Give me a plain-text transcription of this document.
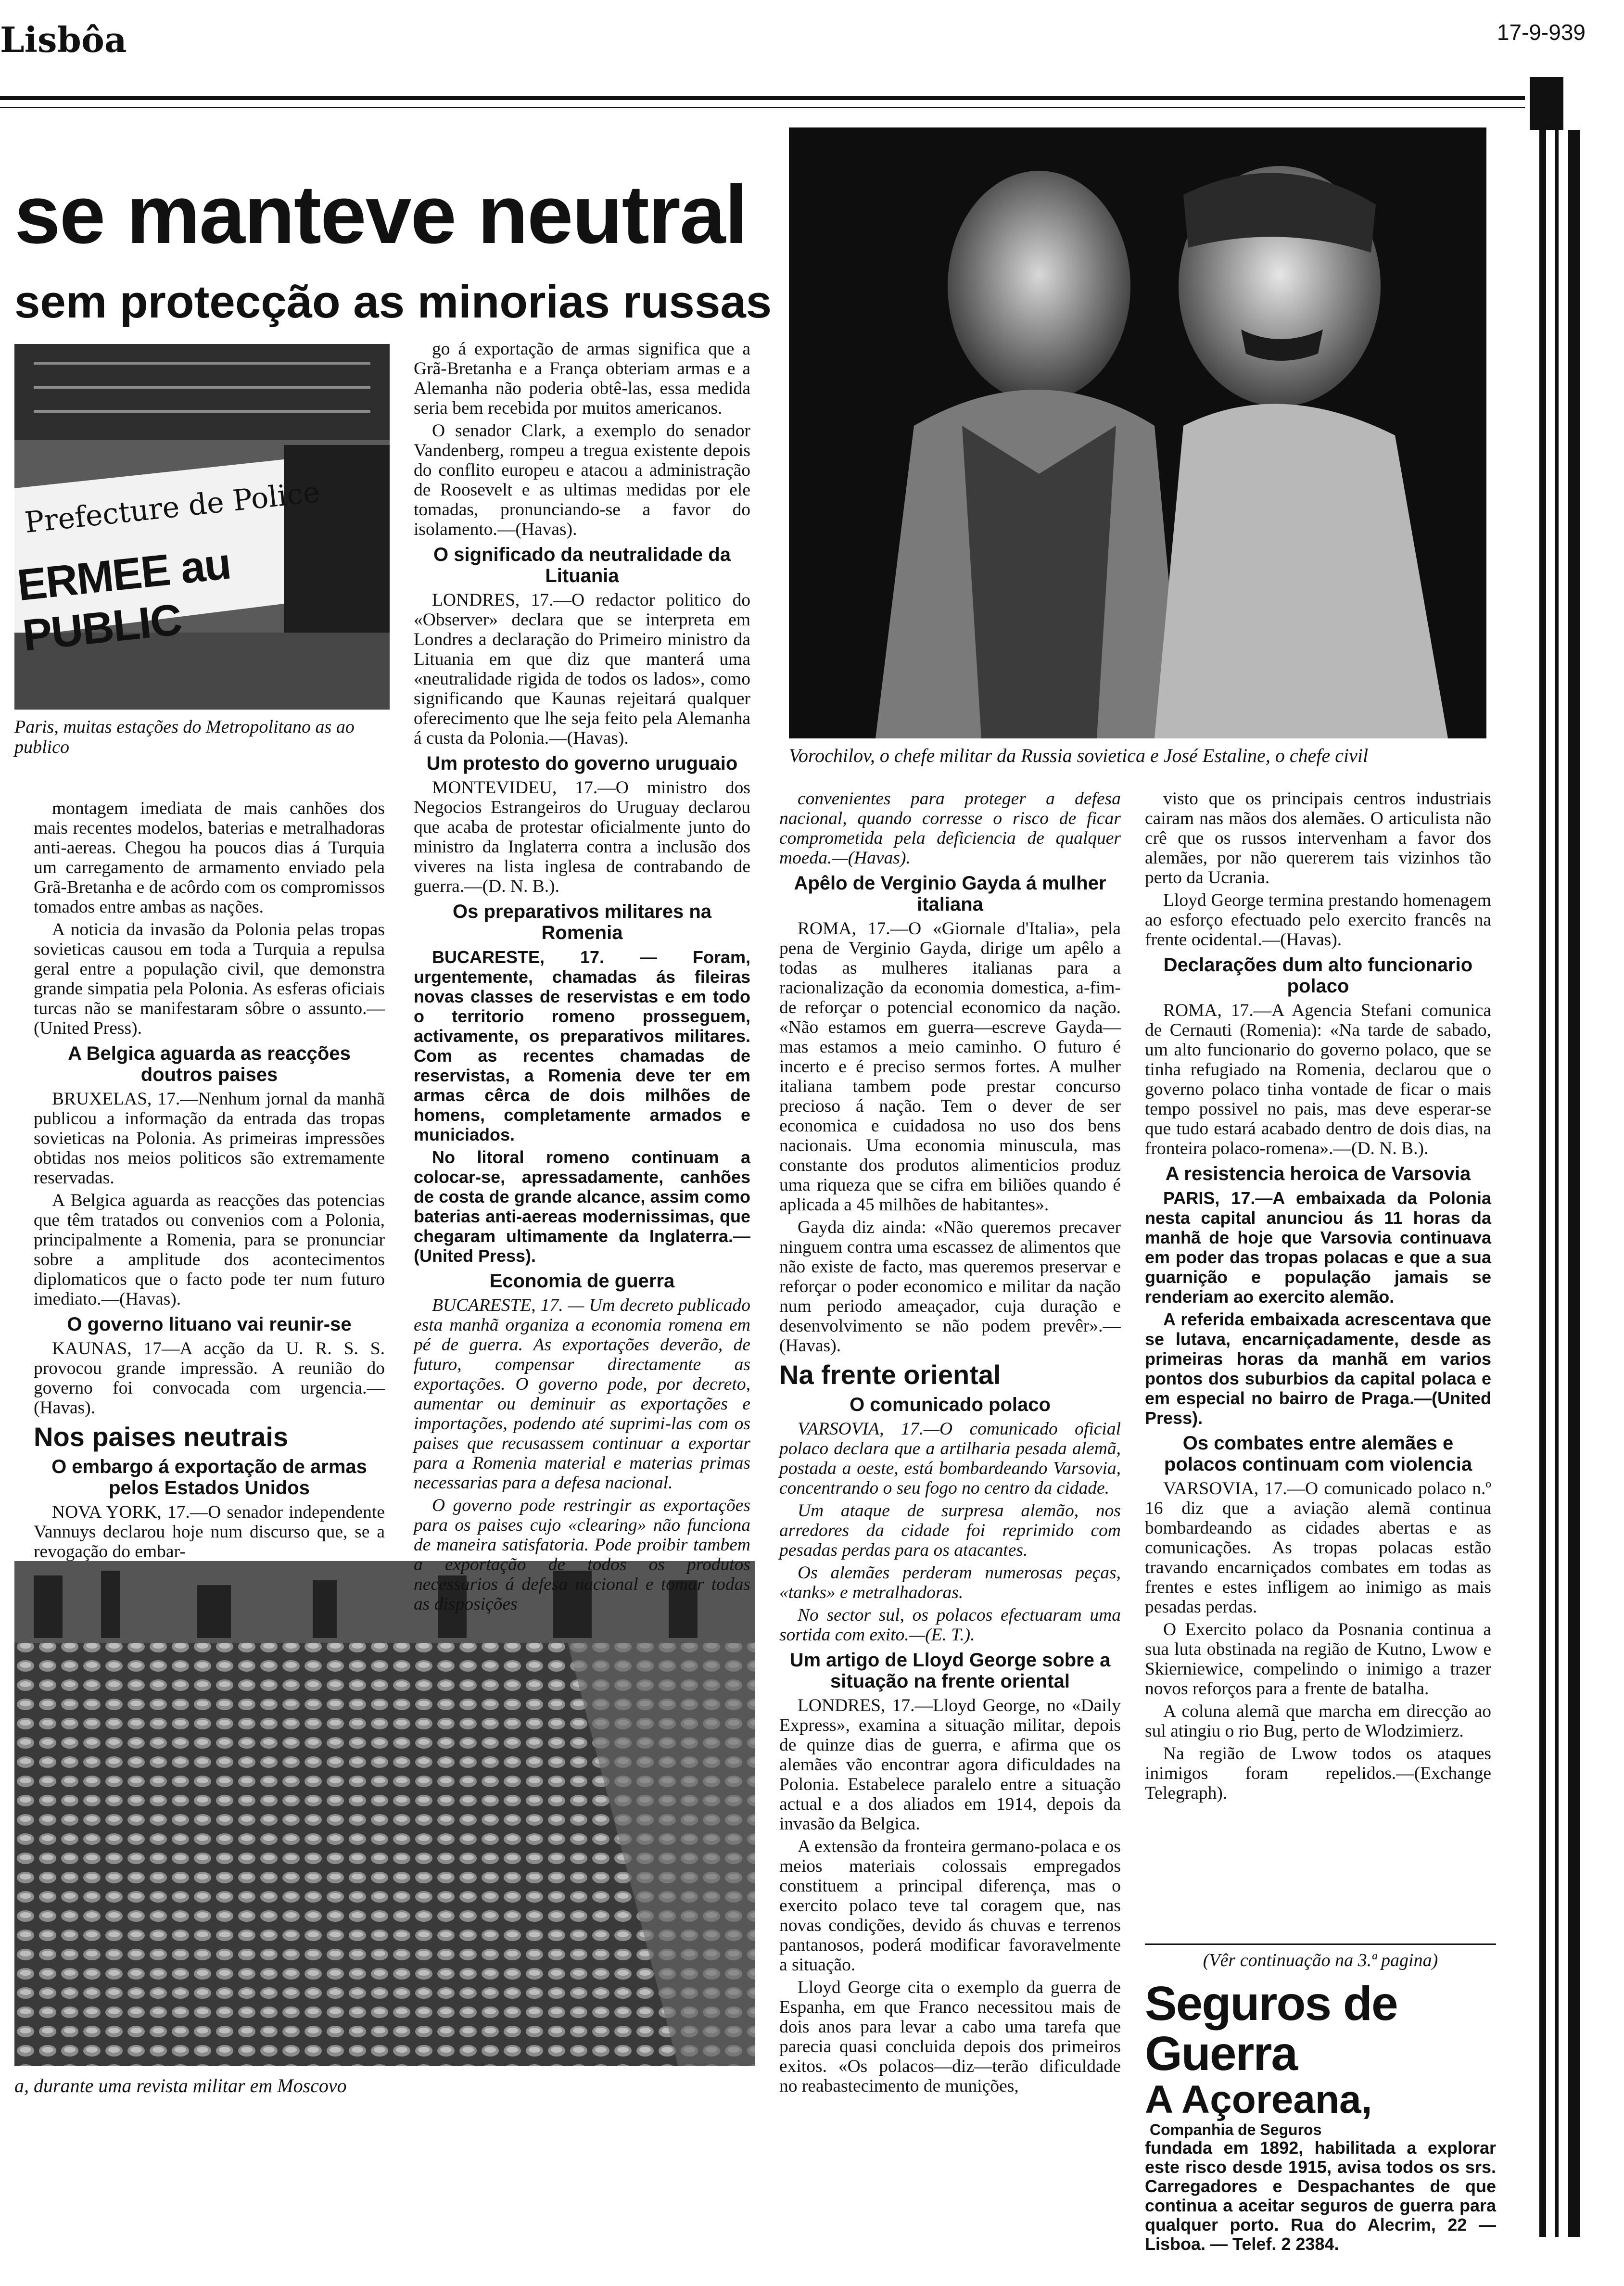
Lisbôa	17-9-939
se manteve neutral
sem protecção as minorias russas
Prefecture de Police
ERMEE au PUBLIC
Paris, muitas estações do Metropolitano as ao publico	Vorochilov, o chefe militar da Russia sovietica e José Estaline, o chefe civil
a, durante uma revista militar em Moscovo

montagem imediata de mais canhões dos mais recentes modelos, baterias e metralhadoras anti-aereas. Chegou ha poucos dias á Turquia um carregamento de armamento enviado pela Grã-Bretanha e de acôrdo com os compromissos tomados entre ambas as nações.

A noticia da invasão da Polonia pelas tropas sovieticas causou em toda a Turquia a repulsa geral entre a população civil, que demonstra grande simpatia pela Polonia. As esferas oficiais turcas não se manifestaram sôbre o assunto.—(United Press).

A Belgica aguarda as reacções doutros paises

BRUXELAS, 17.—Nenhum jornal da manhã publicou a informação da entrada das tropas sovieticas na Polonia. As primeiras impressões obtidas nos meios politicos são extremamente reservadas.

A Belgica aguarda as reacções das potencias que têm tratados ou convenios com a Polonia, principalmente a Romenia, para se pronunciar sobre a amplitude dos acontecimentos diplomaticos que o facto pode ter num futuro imediato.—(Havas).

O governo lituano vai reunir-se

KAUNAS, 17—A acção da U. R. S. S. provocou grande impressão. A reunião do governo foi convocada com urgencia.—(Havas).

Nos paises neutrais
O embargo á exportação de armas pelos Estados Unidos

NOVA YORK, 17.—O senador independente Vannuys declarou hoje num discurso que, se a revogação do embar-

go á exportação de armas significa que a Grã-Bretanha e a França obteriam armas e a Alemanha não poderia obtê-las, essa medida seria bem recebida por muitos americanos.

O senador Clark, a exemplo do senador Vandenberg, rompeu a tregua existente depois do conflito europeu e atacou a administração de Roosevelt e as ultimas medidas por ele tomadas, pronunciando-se a favor do isolamento.—(Havas).

O significado da neutralidade da Lituania

LONDRES, 17.—O redactor politico do «Observer» declara que se interpreta em Londres a declaração do Primeiro ministro da Lituania em que diz que manterá uma «neutralidade rigida de todos os lados», como significando que Kaunas rejeitará qualquer oferecimento que lhe seja feito pela Alemanha á custa da Polonia.—(Havas).

Um protesto do governo uruguaio

MONTEVIDEU, 17.—O ministro dos Negocios Estrangeiros do Uruguay declarou que acaba de protestar oficialmente junto do ministro da Inglaterra contra a inclusão dos viveres na lista inglesa de contrabando de guerra.—(D. N. B.).

Os preparativos militares na Romenia

BUCARESTE, 17. — Foram, urgentemente, chamadas ás fileiras novas classes de reservistas e em todo o territorio romeno prosseguem, activamente, os preparativos militares. Com as recentes chamadas de reservistas, a Romenia deve ter em armas cêrca de dois milhões de homens, completamente armados e municiados.

No litoral romeno continuam a colocar-se, apressadamente, canhões de costa de grande alcance, assim como baterias anti-aereas modernissimas, que chegaram ultimamente da Inglaterra.—(United Press).

Economia de guerra

BUCARESTE, 17. — Um decreto publicado esta manhã organiza a economia romena em pé de guerra. As exportações deverão, de futuro, compensar directamente as exportações. O governo pode, por decreto, aumentar ou deminuir as exportações e importações, podendo até suprimi-las com os paises que recusassem continuar a exportar para a Romenia material e materias primas necessarias para a defesa nacional.

O governo pode restringir as exportações para os paises cujo «clearing» não funciona de maneira satisfatoria. Pode proibir tambem a exportação de todos os produtos necessarios á defesa nacional e tomar todas as disposições

convenientes para proteger a defesa nacional, quando corresse o risco de ficar comprometida pela deficiencia de qualquer moeda.—(Havas).

Apêlo de Verginio Gayda á mulher italiana

ROMA, 17.—O «Giornale d'Italia», pela pena de Verginio Gayda, dirige um apêlo a todas as mulheres italianas para a racionalização da economia domestica, a-fim-de reforçar o potencial economico da nação. «Não estamos em guerra—escreve Gayda—mas estamos a meio caminho. O futuro é incerto e é preciso sermos fortes. A mulher italiana tambem pode prestar concurso precioso á nação. Tem o dever de ser economica e cuidadosa no uso dos bens nacionais. Uma economia minuscula, mas constante dos produtos alimenticios produz uma riqueza que se cifra em biliões quando é aplicada a 45 milhões de habitantes».

Gayda diz ainda: «Não queremos precaver ninguem contra uma escassez de alimentos que não existe de facto, mas queremos preservar e reforçar o poder economico e militar da nação num periodo ameaçador, cuja duração e desenvolvimento se não podem prevêr».—(Havas).

Na frente oriental
O comunicado polaco

VARSOVIA, 17.—O comunicado oficial polaco declara que a artilharia pesada alemã, postada a oeste, está bombardeando Varsovia, concentrando o seu fogo no centro da cidade.

Um ataque de surpresa alemão, nos arredores da cidade foi reprimido com pesadas perdas para os atacantes.

Os alemães perderam numerosas peças, «tanks» e metralhadoras.

No sector sul, os polacos efectuaram uma sortida com exito.—(E. T.).

Um artigo de Lloyd George sobre a situação na frente oriental

LONDRES, 17.—Lloyd George, no «Daily Express», examina a situação militar, depois de quinze dias de guerra, e afirma que os alemães vão encontrar agora dificuldades na Polonia. Estabelece paralelo entre a situação actual e a dos aliados em 1914, depois da invasão da Belgica.

A extensão da fronteira germano-polaca e os meios materiais colossais empregados constituem a principal diferença, mas o exercito polaco teve tal coragem que, nas novas condições, devido ás chuvas e terrenos pantanosos, poderá modificar favoravelmente a situação.

Lloyd George cita o exemplo da guerra de Espanha, em que Franco necessitou mais de dois anos para levar a cabo uma tarefa que parecia quasi concluida depois dos primeiros exitos. «Os polacos—diz—terão dificuldade no reabastecimento de munições,

visto que os principais centros industriais cairam nas mãos dos alemães. O articulista não crê que os russos intervenham a favor dos alemães, por não quererem tais vizinhos tão perto da Ucrania.

Lloyd George termina prestando homenagem ao esforço efectuado pelo exercito francês na frente ocidental.—(Havas).

Declarações dum alto funcionario polaco

ROMA, 17.—A Agencia Stefani comunica de Cernauti (Romenia): «Na tarde de sabado, um alto funcionario do governo polaco, que se tinha refugiado na Romenia, declarou que o governo polaco tinha vontade de ficar o mais tempo possivel no pais, mas deve esperar-se que tudo estará acabado dentro de dois dias, na fronteira polaco-romena».—(D. N. B.).

A resistencia heroica de Varsovia

PARIS, 17.—A embaixada da Polonia nesta capital anunciou ás 11 horas da manhã de hoje que Varsovia continuava em poder das tropas polacas e que a sua guarnição e população jamais se renderiam ao exercito alemão.

A referida embaixada acrescentava que se lutava, encarniçadamente, desde as primeiras horas da manhã em varios pontos dos suburbios da capital polaca e em especial no bairro de Praga.—(United Press).

Os combates entre alemães e polacos continuam com violencia

VARSOVIA, 17.—O comunicado polaco n.º 16 diz que a aviação alemã continua bombardeando as cidades abertas e as comunicações. As tropas polacas estão travando encarniçados combates em todas as frentes e estes infligem ao inimigo as mais pesadas perdas.

O Exercito polaco da Posnania continua a sua luta obstinada na região de Kutno, Lwow e Skierniewice, compelindo o inimigo a trazer novos reforços para a frente de batalha.

A coluna alemã que marcha em direcção ao sul atingiu o rio Bug, perto de Wlodzimierz.

Na região de Lwow todos os ataques inimigos foram repelidos.—(Exchange Telegraph).

(Vêr continuação na 3.ª pagina)
Seguros de Guerra
A Açoreana, Companhia de Seguros
fundada em 1892, habilitada a explorar este risco desde 1915, avisa todos os srs. Carregadores e Despachantes de que continua a aceitar seguros de guerra para qualquer porto. Rua do Alecrim, 22 — Lisboa. — Telef. 2 2384.
